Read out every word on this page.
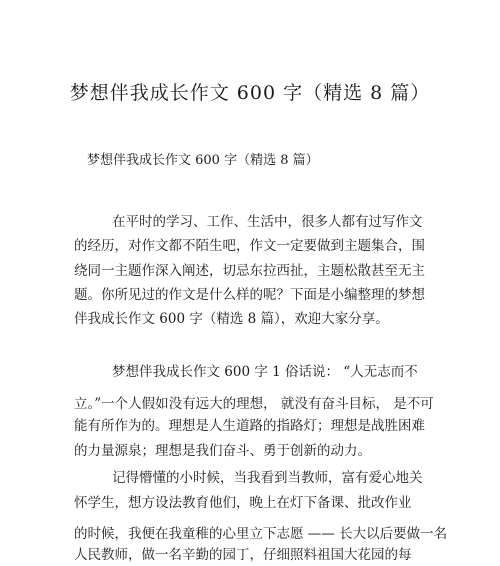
梦想伴我成长作文 600 字（精选 8 篇）
梦想伴我成长作文 600 字（精选 8 篇）
在平时的学习、工作、生活中，很多人都有过写作文
的经历，对作文都不陌生吧，作文一定要做到主题集合，围
绕同一主题作深入阐述，切忌东拉西扯，主题松散甚至无主
题。你所见过的作文是什么样的呢？下面是小编整理的梦想
伴我成长作文 600 字（精选 8 篇），欢迎大家分享。
梦想伴我成长作文 600 字 1 俗话说： “人无志而不
立。”一个人假如没有远大的理想， 就没有奋斗目标， 是不可
能有所作为的。理想是人生道路的指路灯；理想是战胜困难
的力量源泉；理想是我们奋斗、勇于创新的动力。
记得懵懂的小时候，当我看到当教师，富有爱心地关
怀学生，想方设法教育他们，晚上在灯下备课、批改作业
的时候，我便在我童稚的心里立下志愿 —— 长大以后要做一名
人民教师，做一名辛勤的园丁，仔细照料祖国大花园的每
